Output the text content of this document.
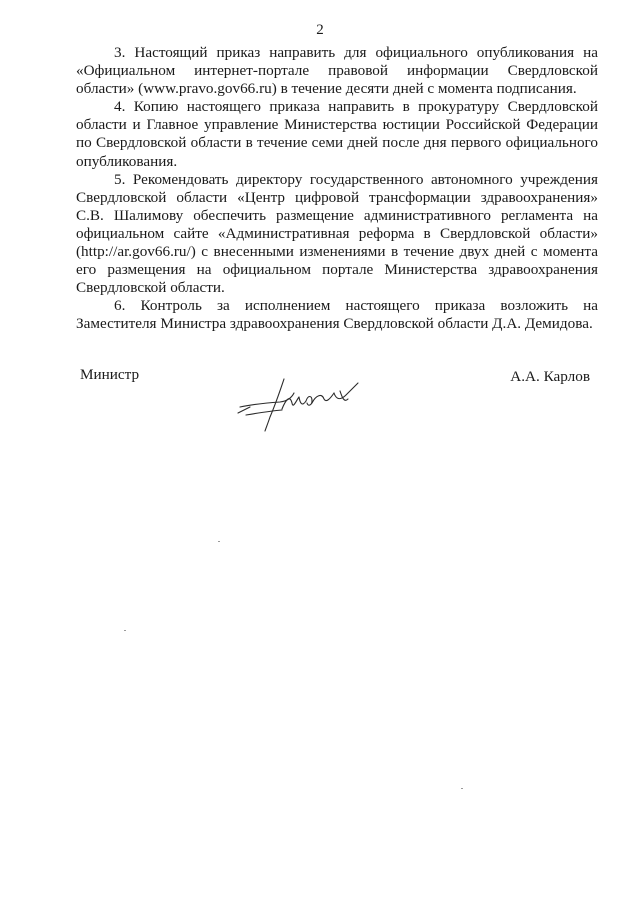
2

3. Настоящий приказ направить для официального опубликования на «Официальном интернет-портале правовой информации Свердловской области» (www.pravo.gov66.ru) в течение десяти дней с момента подписания.

4. Копию настоящего приказа направить в прокуратуру Свердловской области и Главное управление Министерства юстиции Российской Федерации по Свердловской области в течение семи дней после дня первого официального опубликования.

5. Рекомендовать директору государственного автономного учреждения Свердловской области «Центр цифровой трансформации здравоохранения» С.В. Шалимову обеспечить размещение административного регламента на официальном сайте «Административная реформа в Свердловской области» (http://ar.gov66.ru/) с внесенными изменениями в течение двух дней с момента его размещения на официальном портале Министерства здравоохранения Свердловской области.

6. Контроль за исполнением настоящего приказа возложить на Заместителя Министра здравоохранения Свердловской области Д.А. Демидова.

Министр	А.А. Карлов
